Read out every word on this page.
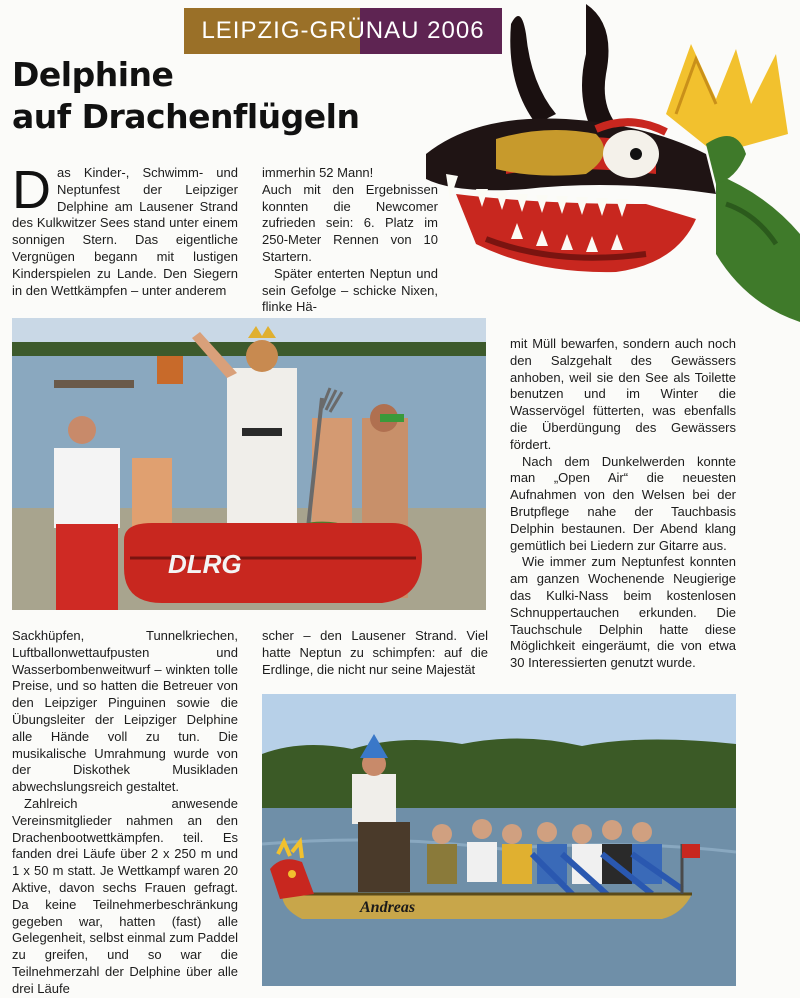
LEIPZIG-GRÜNAU 2006
Delphine
auf Drachenflügeln

Das Kinder-, Schwimm- und Neptunfest der Leipziger Delphine am Lausener Strand des Kulkwitzer Sees stand unter einem sonnigen Stern. Das eigentliche Vergnügen begann mit lustigen Kinderspielen zu Lande. Den Siegern in den Wettkämpfen – unter anderem

immerhin 52 Mann!

Auch mit den Ergebnissen konnten die Newcomer zufrieden sein: 6. Platz im 250-Meter Rennen von 10 Startern.

Später enterten Neptun und sein Gefolge – schicke Nixen, flinke Hä-

DLRG

mit Müll bewarfen, sondern auch noch den Salzgehalt des Gewässers anhoben, weil sie den See als Toilette benutzen und im Winter die Wasservögel fütterten, was ebenfalls die Überdüngung des Gewässers fördert.

Nach dem Dunkelwerden konnte man „Open Air“ die neuesten Aufnahmen von den Welsen bei der Brutpflege nahe der Tauchbasis Delphin bestaunen. Der Abend klang gemütlich bei Liedern zur Gitarre aus.

Wie immer zum Neptunfest konnten am ganzen Wochenende Neugierige das Kulki-Nass beim kostenlosen Schnuppertauchen erkunden. Die Tauchschule Delphin hatte diese Möglichkeit eingeräumt, die von etwa 30 Interessierten genutzt wurde.

Sackhüpfen, Tunnelkriechen, Luftballonwettaufpusten und Wasserbombenweitwurf – winkten tolle Preise, und so hatten die Betreuer von den Leipziger Pinguinen sowie die Übungsleiter der Leipziger Delphine alle Hände voll zu tun. Die musikalische Umrahmung wurde von der Diskothek Musikladen abwechslungsreich gestaltet.

Zahlreich anwesende Vereinsmitglieder nahmen an den Drachenbootwettkämpfen. teil. Es fanden drei Läufe über 2 x 250 m und 1 x 50 m statt. Je Wettkampf waren 20 Aktive, davon sechs Frauen gefragt. Da keine Teilnehmerbeschränkung gegeben war, hatten (fast) alle Gelegenheit, selbst einmal zum Paddel zu greifen, und so war die Teilnehmerzahl der Delphine über alle drei Läufe

scher – den Lausener Strand. Viel hatte Neptun zu schimpfen: auf die Erdlinge, die nicht nur seine Majestät

Andreas
